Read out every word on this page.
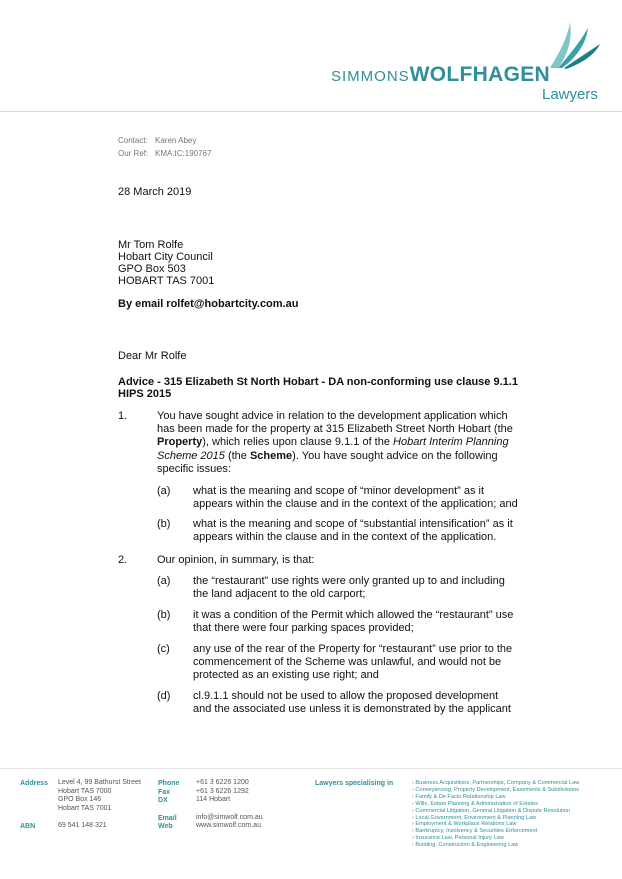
simmonsWOLFHAGEN
Lawyers
Contact: Karen Abey
Our Ref: KMA:IC:190767
28 March 2019
Mr Tom Rolfe
Hobart City Council
GPO Box 503
HOBART TAS 7001
By email rolfet@hobartcity.com.au
Dear Mr Rolfe
Advice - 315 Elizabeth St North Hobart - DA non-conforming use clause 9.1.1
HIPS 2015
1.	You have sought advice in relation to the development application which
has been made for the property at 315 Elizabeth Street North Hobart (the
Property), which relies upon clause 9.1.1 of the Hobart Interim Planning
Scheme 2015 (the Scheme). You have sought advice on the following
specific issues:
(a) what is the meaning and scope of “minor development” as it
appears within the clause and in the context of the application; and
(b) what is the meaning and scope of “substantial intensification” as it
appears within the clause and in the context of the application.
2.	Our opinion, in summary, is that:
(a) the “restaurant” use rights were only granted up to and including
the land adjacent to the old carport;
(b) it was a condition of the Permit which allowed the “restaurant” use
that there were four parking spaces provided;
(c) any use of the rear of the Property for “restaurant” use prior to the
commencement of the Scheme was unlawful, and would not be
protected as an existing use right; and
(d) cl.9.1.1 should not be used to allow the proposed development
and the associated use unless it is demonstrated by the applicant
Address Level 4, 99 Bathurst Street
Hobart TAS 7000
GPO Box 146
Hobart TAS 7001
ABN	69 541 148 321
Phone +61 3 6226 1200
Fax	+61 3 6226 1292
DX	114 Hobart
Email	info@simwolf.com.au
Web	www.simwolf.com.au
Lawyers specialising in	› Business Acquisitions, Partnerships, Company & Commercial Law
› Conveyancing, Property Development, Easements & Subdivisions
› Family & De Facto Relationship Law
› Wills, Estate Planning & Administration of Estates
› Commercial Litigation, General Litigation & Dispute Resolution
› Local Government, Environment & Planning Law
› Employment & Workplace Relations Law
› Bankruptcy, Insolvency & Securities Enforcement
› Insurance Law, Personal Injury Law
› Building, Construction & Engineering Law
